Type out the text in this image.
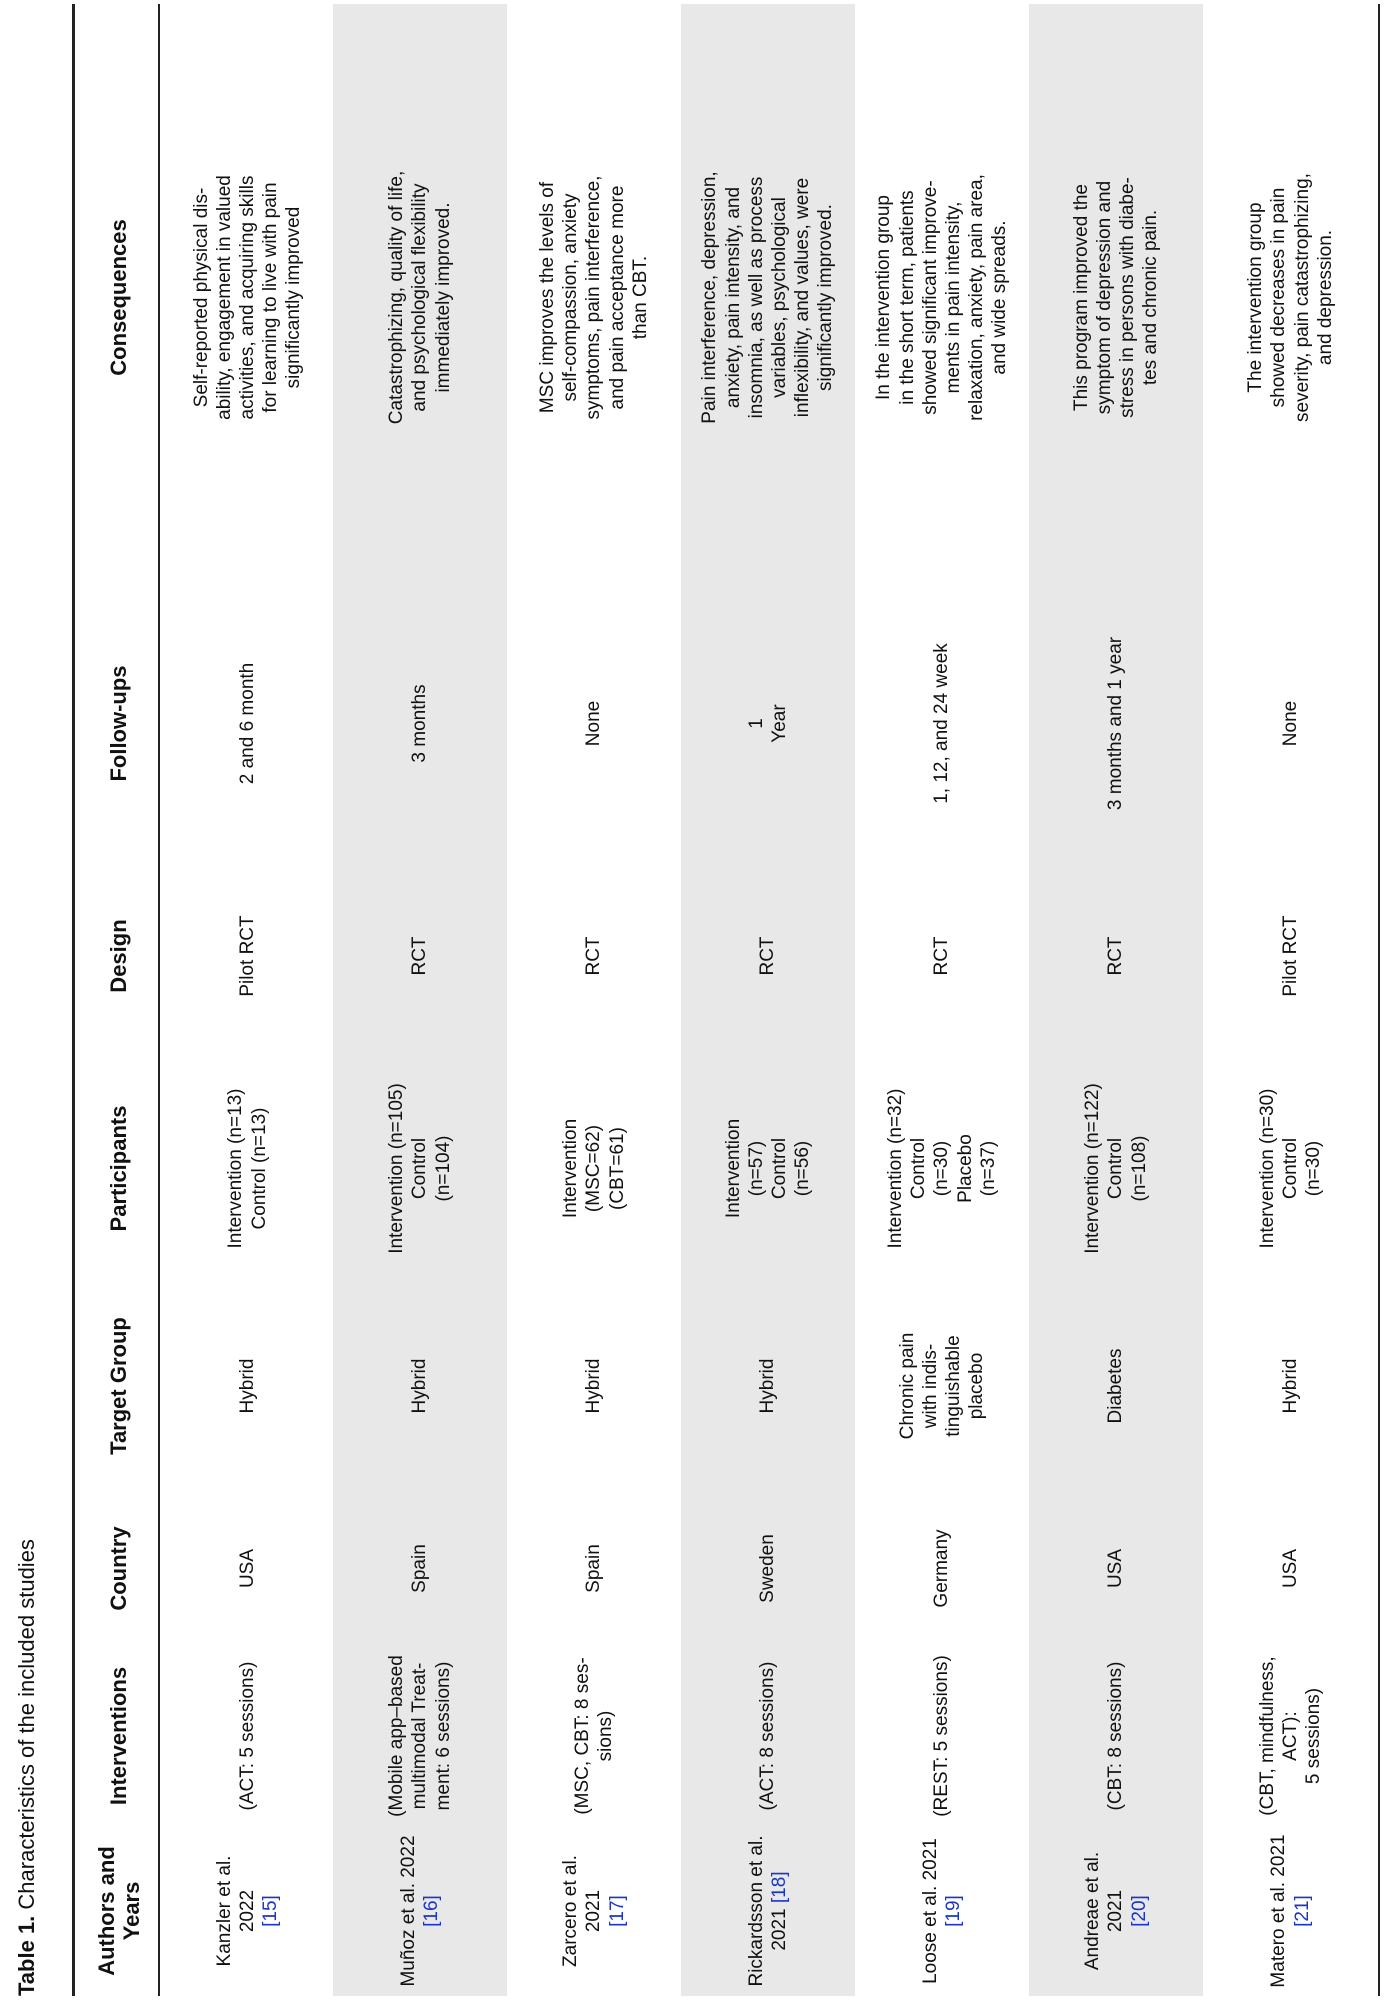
Table 1. Characteristics of the included studies	Authors and Years
Interventions
Country
Target Group
Participants
Design
Follow-ups
Consequences
Kanzler et al. 2022
[15]
(ACT: 5 sessions)
USA
Hybrid
Intervention (n=13)
Control (n=13)
Pilot RCT
2 and 6 month
Self-reported physical dis-
ability, engagement in valued
activities, and acquiring skills
for learning to live with pain
significantly improved
Muñoz et al. 2022
[16]
(Mobile app–based
multimodal Treat-
ment: 6 sessions)
Spain
Hybrid
Intervention (n=105)
Control
(n=104)
RCT
3 months
Catastrophizing, quality of life,
and psychological flexibility
immediately improved.
Zarcero et al. 2021
[17]
(MSC, CBT: 8 ses-
sions)
Spain
Hybrid
Intervention
(MSC=62)
(CBT=61)
RCT
None
MSC improves the levels of
self-compassion, anxiety
symptoms, pain interference,
and pain acceptance more
than CBT.
Rickardsson et al.
2021 [18]
(ACT: 8 sessions)
Sweden
Hybrid
Intervention
(n=57)
Control
(n=56)
RCT
1
Year
Pain interference, depression,
anxiety, pain intensity, and
insomnia, as well as process
variables, psychological
inflexibility, and values, were
significantly improved.
Loose et al. 2021 [19]
(REST: 5 sessions)
Germany
Chronic pain
with indis-
tinguishable
placebo
Intervention (n=32)
Control
(n=30)
Placebo
(n=37)
RCT
1, 12, and 24 week
In the intervention group
in the short term, patients
showed significant improve-
ments in pain intensity,
relaxation, anxiety, pain area,
and wide spreads.
Andreae et al. 2021
[20]
(CBT: 8 sessions)
USA
Diabetes
Intervention (n=122)
Control
(n=108)
RCT
3 months and 1 year
This program improved the
symptom of depression and
stress in persons with diabe-
tes and chronic pain.
Matero et al. 2021
[21]
(CBT, mindfulness,
ACT):
5 sessions)
USA
Hybrid
Intervention (n=30)
Control
(n=30)
Pilot RCT
None
The intervention group
showed decreases in pain
severity, pain catastrophizing,
and depression.
